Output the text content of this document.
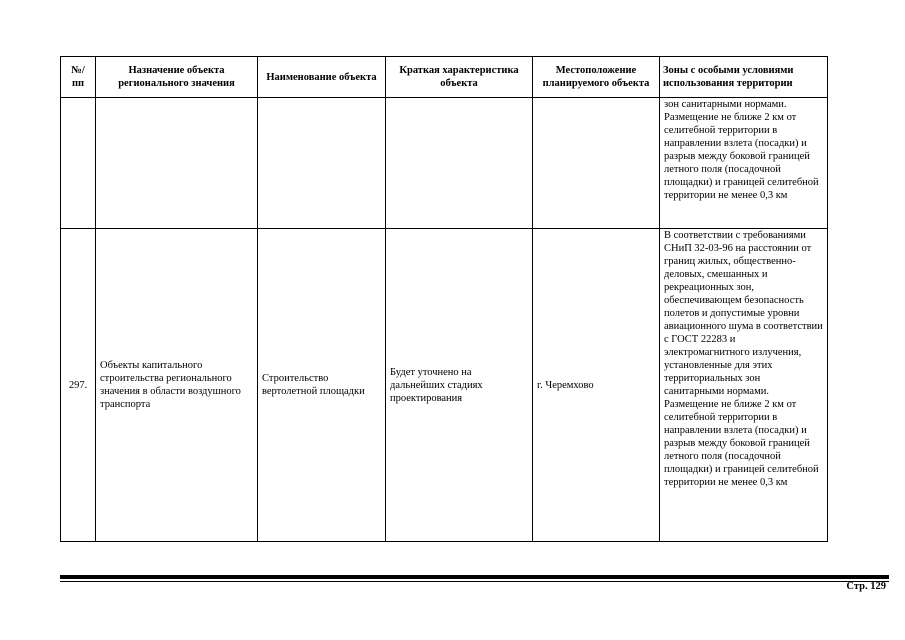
№/ пп	Назначение объекта регионального значения	Наименование объекта	Краткая характеристика объекта	Местоположение планируемого объекта	Зоны с особыми условиями использования территории
					зон санитарными нормами. Размещение не ближе 2 км от селитебной территории в направлении взлета (посадки) и разрыв между боковой границей летного поля (посадочной площадки) и границей селитебной территории не менее 0,3 км
297.	Объекты капитального строительства регионального значения в области воздушного транспорта	Строительство вертолетной площадки	Будет уточнено на дальнейших стадиях проектирования	г. Черемхово	В соответствии с требованиями СНиП 32-03-96 на расстоянии от границ жилых, общественно-деловых, смешанных и рекреационных зон, обеспечивающем безопасность полетов и допустимые уровни авиационного шума в соответствии с ГОСТ 22283 и электромагнитного излучения, установленные для этих территориальных зон санитарными нормами. Размещение не ближе 2 км от селитебной территории в направлении взлета (посадки) и разрыв между боковой границей летного поля (посадочной площадки) и границей селитебной территории не менее 0,3 км
Стр. 129
